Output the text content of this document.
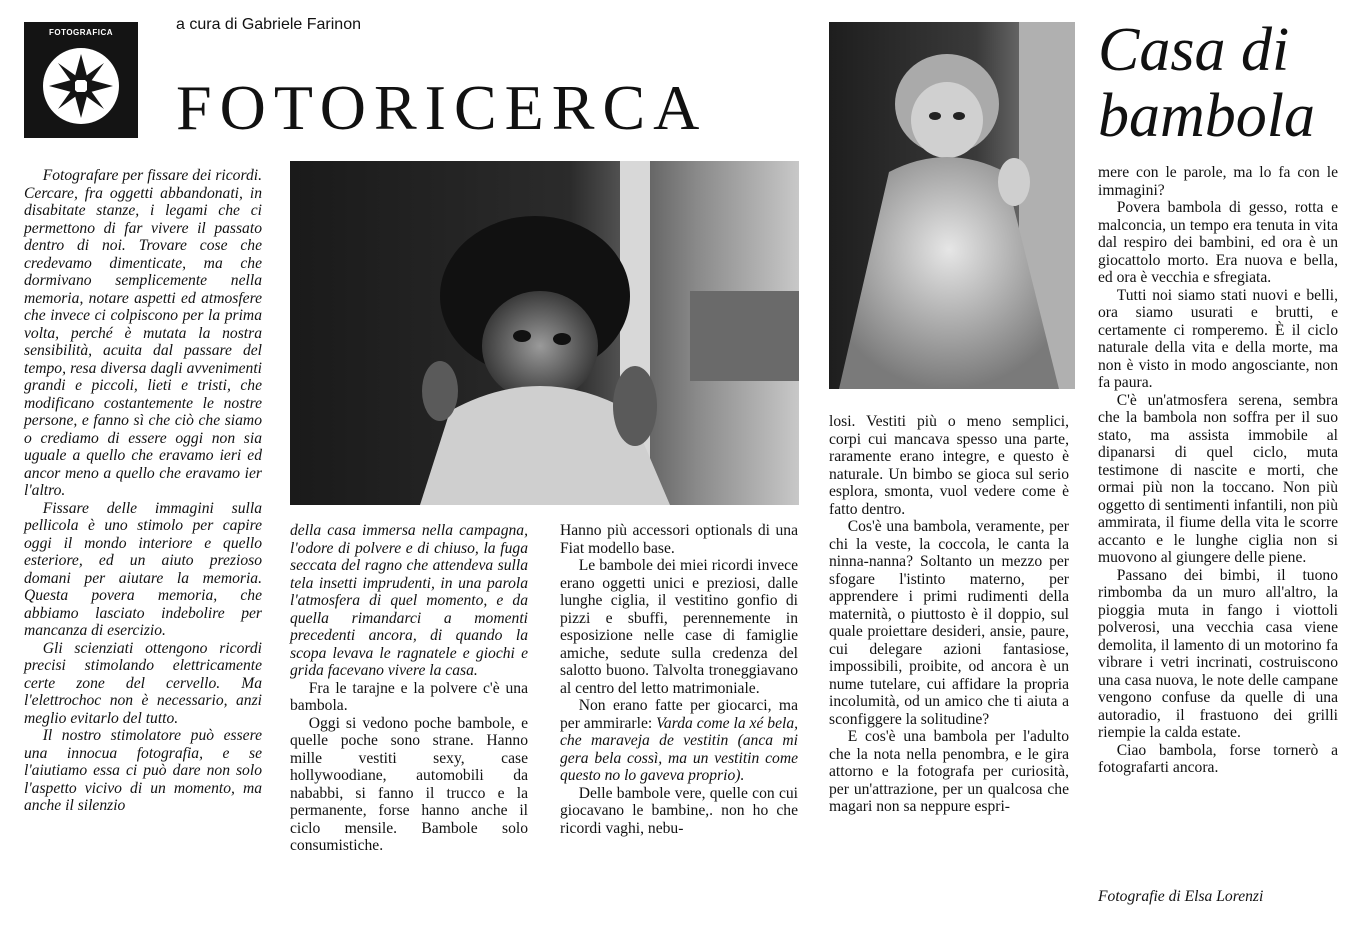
FOTOGRAFICA	a cura di Gabriele Farinon
FOTORICERCA
Casa di
bambola

Fotografare per fissare dei ricordi. Cercare, fra oggetti abbandonati, in disabitate stanze, i legami che ci permettono di far vivere il passato dentro di noi. Trovare cose che credevamo dimenticate, ma che dormivano semplicemente nella memoria, notare aspetti ed atmosfere che invece ci colpiscono per la prima volta, perché è mutata la nostra sensibilità, acuita dal passare del tempo, resa diversa dagli avvenimenti grandi e piccoli, lieti e tristi, che modificano costantemente le nostre persone, e fanno sì che ciò che siamo o crediamo di essere oggi non sia uguale a quello che eravamo ieri ed ancor meno a quello che eravamo ier l'altro.

Fissare delle immagini sulla pellicola è uno stimolo per capire oggi il mondo interiore e quello esteriore, ed un aiuto prezioso domani per aiutare la memoria. Questa povera memoria, che abbiamo lasciato indebolire per mancanza di esercizio.

Gli scienziati ottengono ricordi precisi stimolando elettricamente certe zone del cervello. Ma l'elettrochoc non è necessario, anzi meglio evitarlo del tutto.

Il nostro stimolatore può essere una innocua fotografia, e se l'aiutiamo essa ci può dare non solo l'aspetto vicivo di un momento, ma anche il silenzio

della casa immersa nella campagna, l'odore di polvere e di chiuso, la fuga seccata del ragno che attendeva sulla tela insetti imprudenti, in una parola l'atmosfera di quel momento, e da quella rimandarci a momenti precedenti ancora, di quando la scopa levava le ragnatele e giochi e grida facevano vivere la casa.

Fra le tarajne e la polvere c'è una bambola.

Oggi si vedono poche bambole, e quelle poche sono strane. Hanno mille vestiti sexy, case hollywoodiane, automobili da nababbi, si fanno il trucco e la permanente, forse hanno anche il ciclo mensile. Bambole solo consumistiche.

Hanno più accessori optionals di una Fiat modello base.

Le bambole dei miei ricordi invece erano oggetti unici e preziosi, dalle lunghe ciglia, il vestitino gonfio di pizzi e sbuffi, perennemente in esposizione nelle case di famiglie amiche, sedute sulla credenza del salotto buono. Talvolta troneggiavano al centro del letto matrimoniale.

Non erano fatte per giocarci, ma per ammirarle: Varda come la xé bela, che maraveja de vestitin (anca mi gera bela cossì, ma un vestitin come questo no lo gaveva proprio).

Delle bambole vere, quelle con cui giocavano le bambine,. non ho che ricordi vaghi, nebu-

losi. Vestiti più o meno semplici, corpi cui mancava spesso una parte, raramente erano integre, e questo è naturale. Un bimbo se gioca sul serio esplora, smonta, vuol vedere come è fatto dentro.

Cos'è una bambola, veramente, per chi la veste, la coccola, le canta la ninna-nanna? Soltanto un mezzo per sfogare l'istinto materno, per apprendere i primi rudimenti della maternità, o piuttosto è il doppio, sul quale proiettare desideri, ansie, paure, cui delegare azioni fantasiose, impossibili, proibite, od ancora è un nume tutelare, cui affidare la propria incolumità, od un amico che ti aiuta a sconfiggere la solitudine?

E cos'è una bambola per l'adulto che la nota nella penombra, e le gira attorno e la fotografa per curiosità, per un'attrazione, per un qualcosa che magari non sa neppure espri-

mere con le parole, ma lo fa con le immagini?

Povera bambola di gesso, rotta e malconcia, un tempo era tenuta in vita dal respiro dei bambini, ed ora è un giocattolo morto. Era nuova e bella, ed ora è vecchia e sfregiata.

Tutti noi siamo stati nuovi e belli, ora siamo usurati e brutti, e certamente ci romperemo. È il ciclo naturale della vita e della morte, ma non è visto in modo angosciante, non fa paura.

C'è un'atmosfera serena, sembra che la bambola non soffra per il suo stato, ma assista immobile al dipanarsi di quel ciclo, muta testimone di nascite e morti, che ormai più non la toccano. Non più oggetto di sentimenti infantili, non più ammirata, il fiume della vita le scorre accanto e le lunghe ciglia non si muovono al giungere delle piene.

Passano dei bimbi, il tuono rimbomba da un muro all'altro, la pioggia muta in fango i viottoli polverosi, una vecchia casa viene demolita, il lamento di un motorino fa vibrare i vetri incrinati, costruiscono una casa nuova, le note delle campane vengono confuse da quelle di una autoradio, il frastuono dei grilli riempie la calda estate.

Ciao bambola, forse tornerò a fotografarti ancora.

Fotografie di Elsa Lorenzi
